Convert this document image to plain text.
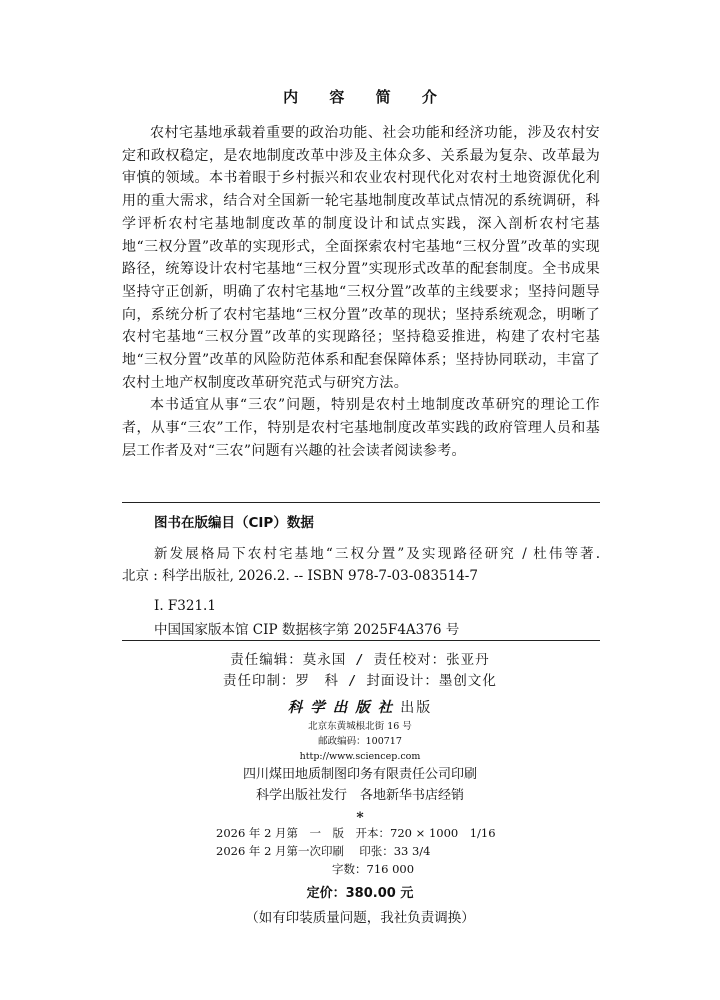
内 容 简 介

农村宅基地承载着重要的政治功能、社会功能和经济功能，涉及农村安定和政权稳定，是农地制度改革中涉及主体众多、关系最为复杂、改革最为审慎的领域。本书着眼于乡村振兴和农业农村现代化对农村土地资源优化利用的重大需求，结合对全国新一轮宅基地制度改革试点情况的系统调研，科学评析农村宅基地制度改革的制度设计和试点实践，深入剖析农村宅基地“三权分置”改革的实现形式，全面探索农村宅基地“三权分置”改革的实现路径，统筹设计农村宅基地“三权分置”实现形式改革的配套制度。全书成果坚持守正创新，明确了农村宅基地“三权分置”改革的主线要求；坚持问题导向，系统分析了农村宅基地“三权分置”改革的现状；坚持系统观念，明晰了农村宅基地“三权分置”改革的实现路径；坚持稳妥推进，构建了农村宅基地“三权分置”改革的风险防范体系和配套保障体系；坚持协同联动，丰富了农村土地产权制度改革研究范式与研究方法。

本书适宜从事“三农”问题，特别是农村土地制度改革研究的理论工作者，从事“三农”工作，特别是农村宅基地制度改革实践的政府管理人员和基层工作者及对“三农”问题有兴趣的社会读者阅读参考。

图书在版编目（CIP）数据
新发展格局下农村宅基地“三权分置”及实现路径研究 / 杜伟等著.
北京 : 科学出版社, 2026.2. -- ISBN 978-7-03-083514-7
Ⅰ. F321.1
中国国家版本馆 CIP 数据核字第 2025F4A376 号
责任编辑：莫永国 / 责任校对：张亚丹
责任印制：罗　科 / 封面设计：墨创文化
科学出版社出版
北京东黄城根北街 16 号
邮政编码：100717
http://www.sciencep.com
四川煤田地质制图印务有限责任公司印刷
科学出版社发行　各地新华书店经销
*
2026 年 2 月第　一　版　开本：720 × 1000　1/16
2026 年 2 月第一次印刷　 印张：33 3/4
字数：716 000
定价：380.00 元
（如有印装质量问题，我社负责调换）
